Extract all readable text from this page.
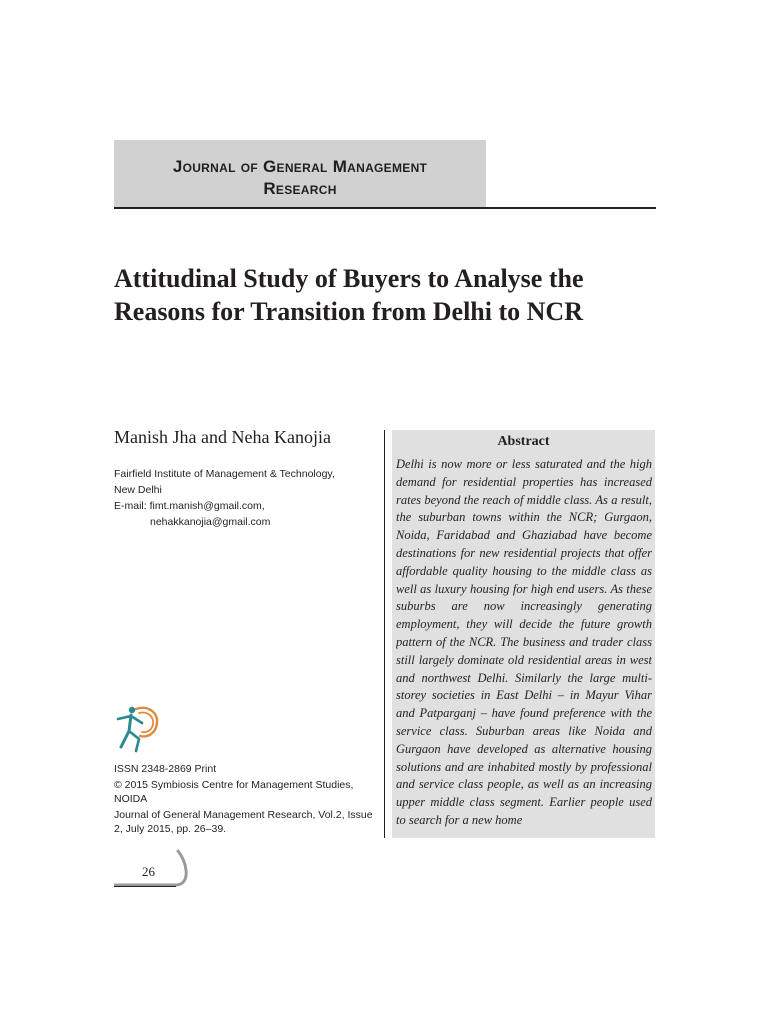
Journal of General Management
Research
Attitudinal Study of Buyers to Analyse the Reasons for Transition from Delhi to NCR
Manish Jha and Neha Kanojia
Fairfield Institute of Management & Technology,
New Delhi
E-mail: fimt.manish@gmail.com,
nehakkanojia@gmail.com
ISSN 2348-2869 Print
© 2015 Symbiosis Centre for Management Studies, NOIDA
Journal of General Management Research, Vol.2, Issue 2, July 2015, pp. 26–39.
Abstract
Delhi is now more or less saturated and the high demand for residential properties has increased rates beyond the reach of middle class. As a result, the suburban towns within the NCR; Gurgaon, Noida, Faridabad and Ghaziabad have become destinations for new residential projects that offer affordable quality housing to the middle class as well as luxury housing for high end users. As these suburbs are now increasingly generating employment, they will decide the future growth pattern of the NCR. The business and trader class still largely dominate old residential areas in west and northwest Delhi. Similarly the large multi-storey societies in East Delhi – in Mayur Vihar and Patparganj – have found preference with the service class. Suburban areas like Noida and Gurgaon have developed as alternative housing solutions and are inhabited mostly by professional and service class people, as well as an increasing upper middle class segment. Earlier people used to search for a new home
26
